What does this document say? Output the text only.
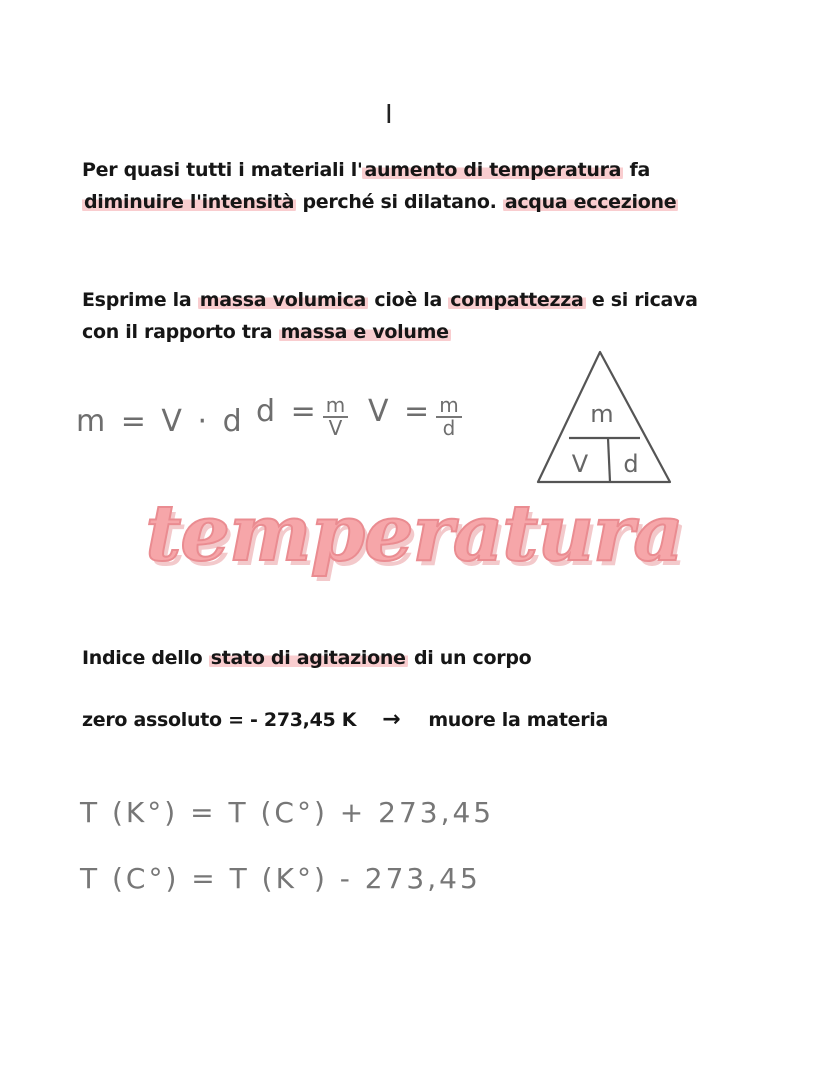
I
Per quasi tutti i materiali l' aumento di temperatura fa
diminuire l'intensità perché si dilatano. acqua eccezione
Esprime la massa volumica cioè la compattezza e si ricava
con il rapporto tra massa e volume
m = V · d $d = \frac{m}{V}$ $V = \frac{m}{d}$	m
V d
temperatura
Indice dello stato di agitazione di un corpo
zero assoluto = - 273,45 K → muore la materia
T (K°) = T (C°) + 273,45
T (C°) = T (K°) - 273,45
